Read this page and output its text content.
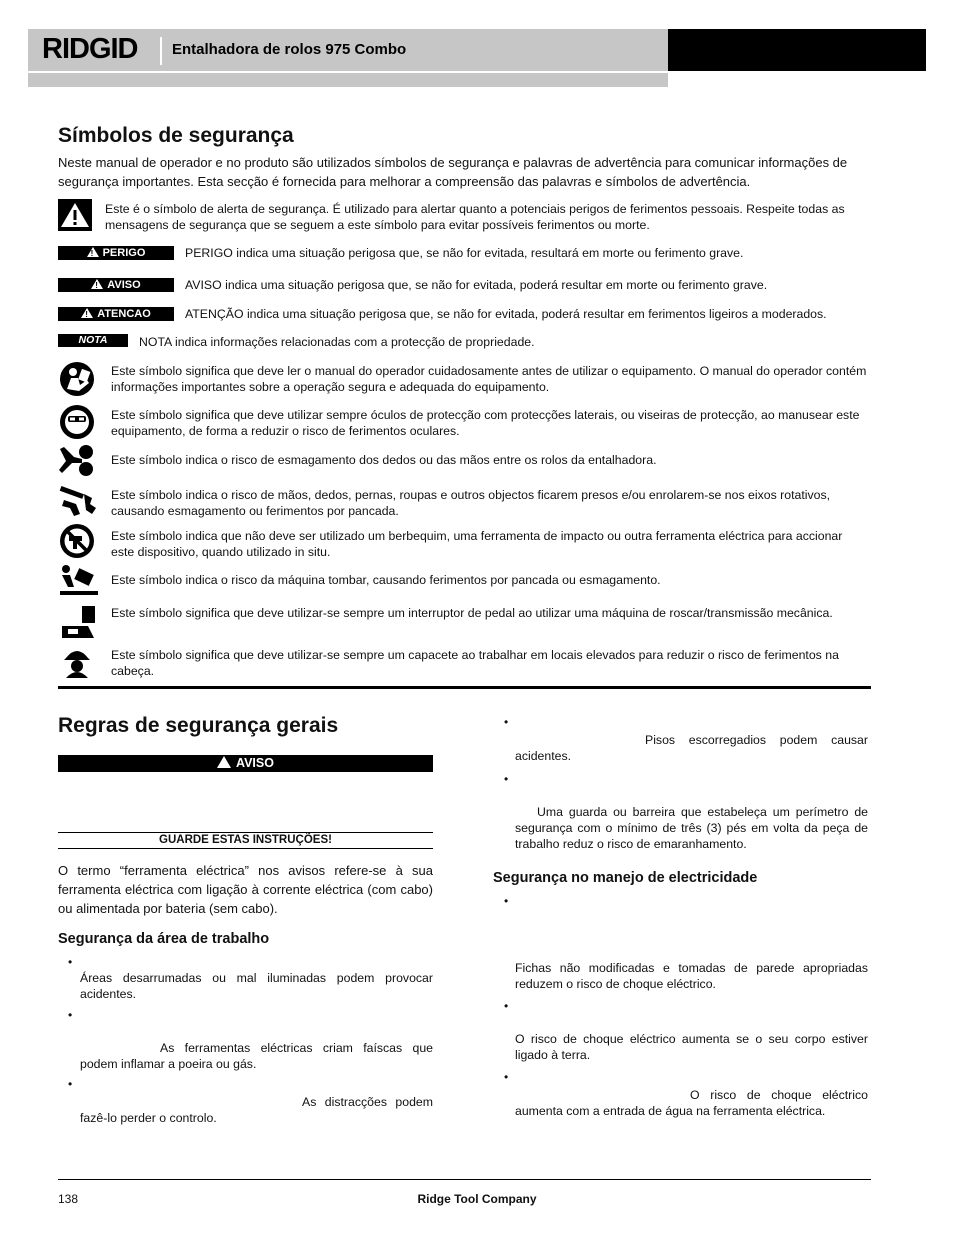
RIDGID Entalhadora de rolos 975 Combo
Símbolos de segurança
Neste manual de operador e no produto são utilizados símbolos de segurança e palavras de advertência para comunicar informações de segurança importantes. Esta secção é fornecida para melhorar a compreensão das palavras e símbolos de advertência.
Este é o símbolo de alerta de segurança. É utilizado para alertar quanto a potenciais perigos de ferimentos pessoais. Respeite todas as mensagens de segurança que se seguem a este símbolo para evitar possíveis ferimentos ou morte.
!PERIGO	PERIGO indica uma situação perigosa que, se não for evitada, resultará em morte ou ferimento grave.
!AVISO	AVISO indica uma situação perigosa que, se não for evitada, poderá resultar em morte ou ferimento grave.
!ATENCAO	ATENÇÃO indica uma situação perigosa que, se não for evitada, poderá resultar em ferimentos ligeiros a moderados.
NOTA	NOTA indica informações relacionadas com a protecção de propriedade.
Este símbolo significa que deve ler o manual do operador cuidadosamente antes de utilizar o equipamento. O manual do operador contém informações importantes sobre a operação segura e adequada do equipamento.
Este símbolo significa que deve utilizar sempre óculos de protecção com protecções laterais, ou viseiras de protecção, ao manusear este equipamento, de forma a reduzir o risco de ferimentos oculares.
Este símbolo indica o risco de esmagamento dos dedos ou das mãos entre os rolos da entalhadora.
Este símbolo indica o risco de mãos, dedos, pernas, roupas e outros objectos ficarem presos e/ou enrolarem-se nos eixos rotativos, causando esmagamento ou ferimentos por pancada.
Este símbolo indica que não deve ser utilizado um berbequim, uma ferramenta de impacto ou outra ferramenta eléctrica para accionar este dispositivo, quando utilizado in situ.
Este símbolo indica o risco da máquina tombar, causando ferimentos por pancada ou esmagamento.
Este símbolo significa que deve utilizar-se sempre um interruptor de pedal ao utilizar uma máquina de roscar/transmissão mecânica.
Este símbolo significa que deve utilizar-se sempre um capacete ao trabalhar em locais elevados para reduzir o risco de ferimentos na cabeça.
Regras de segurança gerais
AVISO
GUARDE ESTAS INSTRUÇÕES!
O termo “ferramenta eléctrica” nos avisos refere-se à sua ferramenta eléctrica com ligação à corrente eléctrica (com cabo) ou alimentada por bateria (sem cabo).
Segurança da área de trabalho
•
Áreas desarrumadas ou mal iluminadas podem provocar acidentes.
•
As ferramentas eléctricas criam faíscas que podem inflamar a poeira ou gás.
•
As distracções podem fazê-lo perder o controlo.
•
Pisos escorregadios podem causar acidentes.
•
Uma guarda ou barreira que estabeleça um perímetro de segurança com o mínimo de três (3) pés em volta da peça de trabalho reduz o risco de emaranhamento.
Segurança no manejo de electricidade
•
Fichas não modificadas e tomadas de parede apropriadas reduzem o risco de choque eléctrico.
•
O risco de choque eléctrico aumenta se o seu corpo estiver ligado à terra.
•
O risco de choque eléctrico aumenta com a entrada de água na ferramenta eléctrica.
138	Ridge Tool Company
